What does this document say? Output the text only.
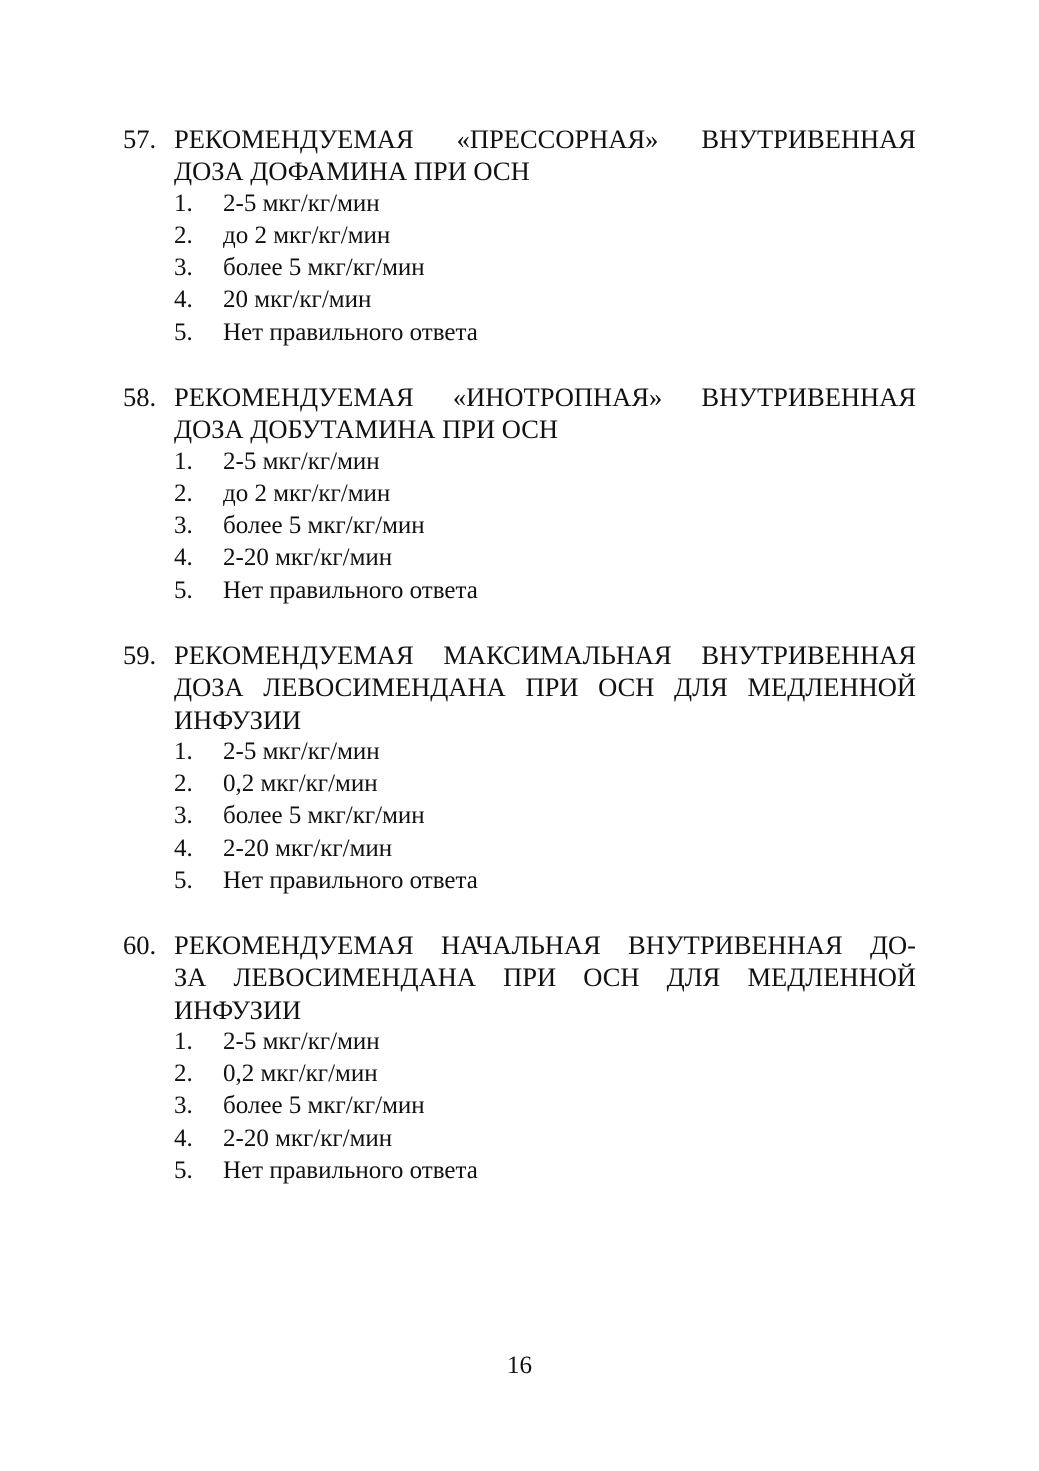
57. РЕКОМЕНДУЕМАЯ «ПРЕССОРНАЯ» ВНУТРИВЕННАЯ
ДОЗА ДОФАМИНА ПРИ ОСН
1.	2-5 мкг/кг/мин
2.	до 2 мкг/кг/мин
3.	более 5 мкг/кг/мин
4.	20 мкг/кг/мин
5.	Нет правильного ответа
58. РЕКОМЕНДУЕМАЯ «ИНОТРОПНАЯ» ВНУТРИВЕННАЯ
ДОЗА ДОБУТАМИНА ПРИ ОСН
1.	2-5 мкг/кг/мин
2.	до 2 мкг/кг/мин
3.	более 5 мкг/кг/мин
4.	2-20 мкг/кг/мин
5.	Нет правильного ответа
59. РЕКОМЕНДУЕМАЯ МАКСИМАЛЬНАЯ ВНУТРИВЕННАЯ
ДОЗА ЛЕВОСИМЕНДАНА ПРИ ОСН ДЛЯ МЕДЛЕННОЙ
ИНФУЗИИ
1.	2-5 мкг/кг/мин
2.	0,2 мкг/кг/мин
3.	более 5 мкг/кг/мин
4.	2-20 мкг/кг/мин
5.	Нет правильного ответа
60. РЕКОМЕНДУЕМАЯ НАЧАЛЬНАЯ ВНУТРИВЕННАЯ ДО-
ЗА ЛЕВОСИМЕНДАНА ПРИ ОСН ДЛЯ МЕДЛЕННОЙ
ИНФУЗИИ
1.	2-5 мкг/кг/мин
2.	0,2 мкг/кг/мин
3.	более 5 мкг/кг/мин
4.	2-20 мкг/кг/мин
5.	Нет правильного ответа
16
